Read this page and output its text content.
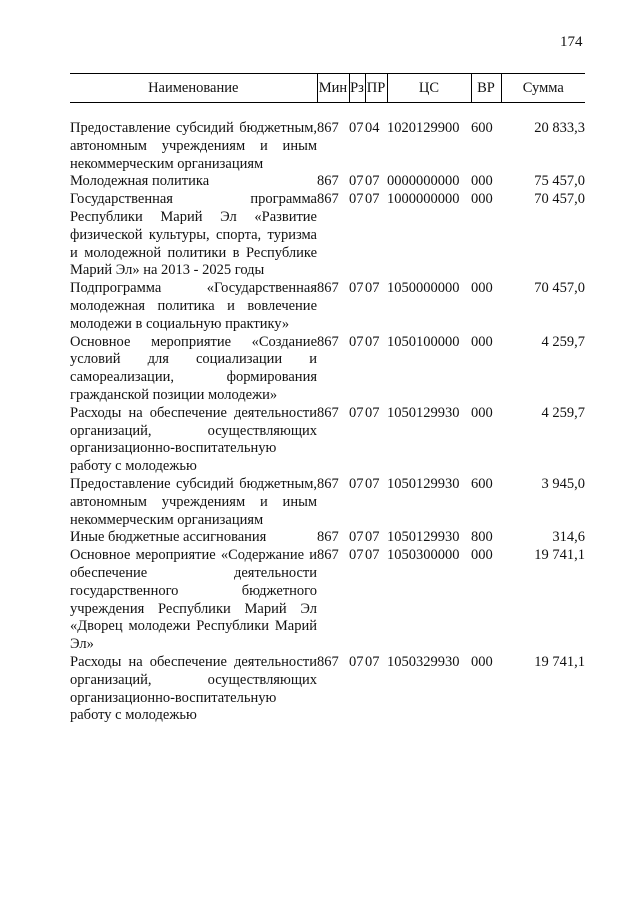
174
Наименование	Мин	Рз	ПР	ЦС	ВР	Сумма

Предоставление субсидий бюджетным, автономным учреждениям и иным некоммерческим организациям	867	07	04	1020129900	600	20 833,3
Молодежная политика	867	07	07	0000000000	000	75 457,0
Государственная программа Республики Марий Эл «Развитие физической культуры, спорта, туризма и молодежной политики в Республике Марий Эл» на 2013 - 2025 годы	867	07	07	1000000000	000	70 457,0
Подпрограмма «Государственная молодежная политика и вовлечение молодежи в социальную практику»	867	07	07	1050000000	000	70 457,0
Основное мероприятие «Создание условий для социализации и самореализации, формирования гражданской позиции молодежи»	867	07	07	1050100000	000	4 259,7
Расходы на обеспечение деятельности организаций, осуществляющих организационно-воспитательную работу с молодежью	867	07	07	1050129930	000	4 259,7
Предоставление субсидий бюджетным, автономным учреждениям и иным некоммерческим организациям	867	07	07	1050129930	600	3 945,0
Иные бюджетные ассигнования	867	07	07	1050129930	800	314,6
Основное мероприятие «Содержание и обеспечение деятельности государственного бюджетного учреждения Республики Марий Эл «Дворец молодежи Республики Марий Эл»	867	07	07	1050300000	000	19 741,1
Расходы на обеспечение деятельности организаций, осуществляющих организационно-воспитательную работу с молодежью	867	07	07	1050329930	000	19 741,1
